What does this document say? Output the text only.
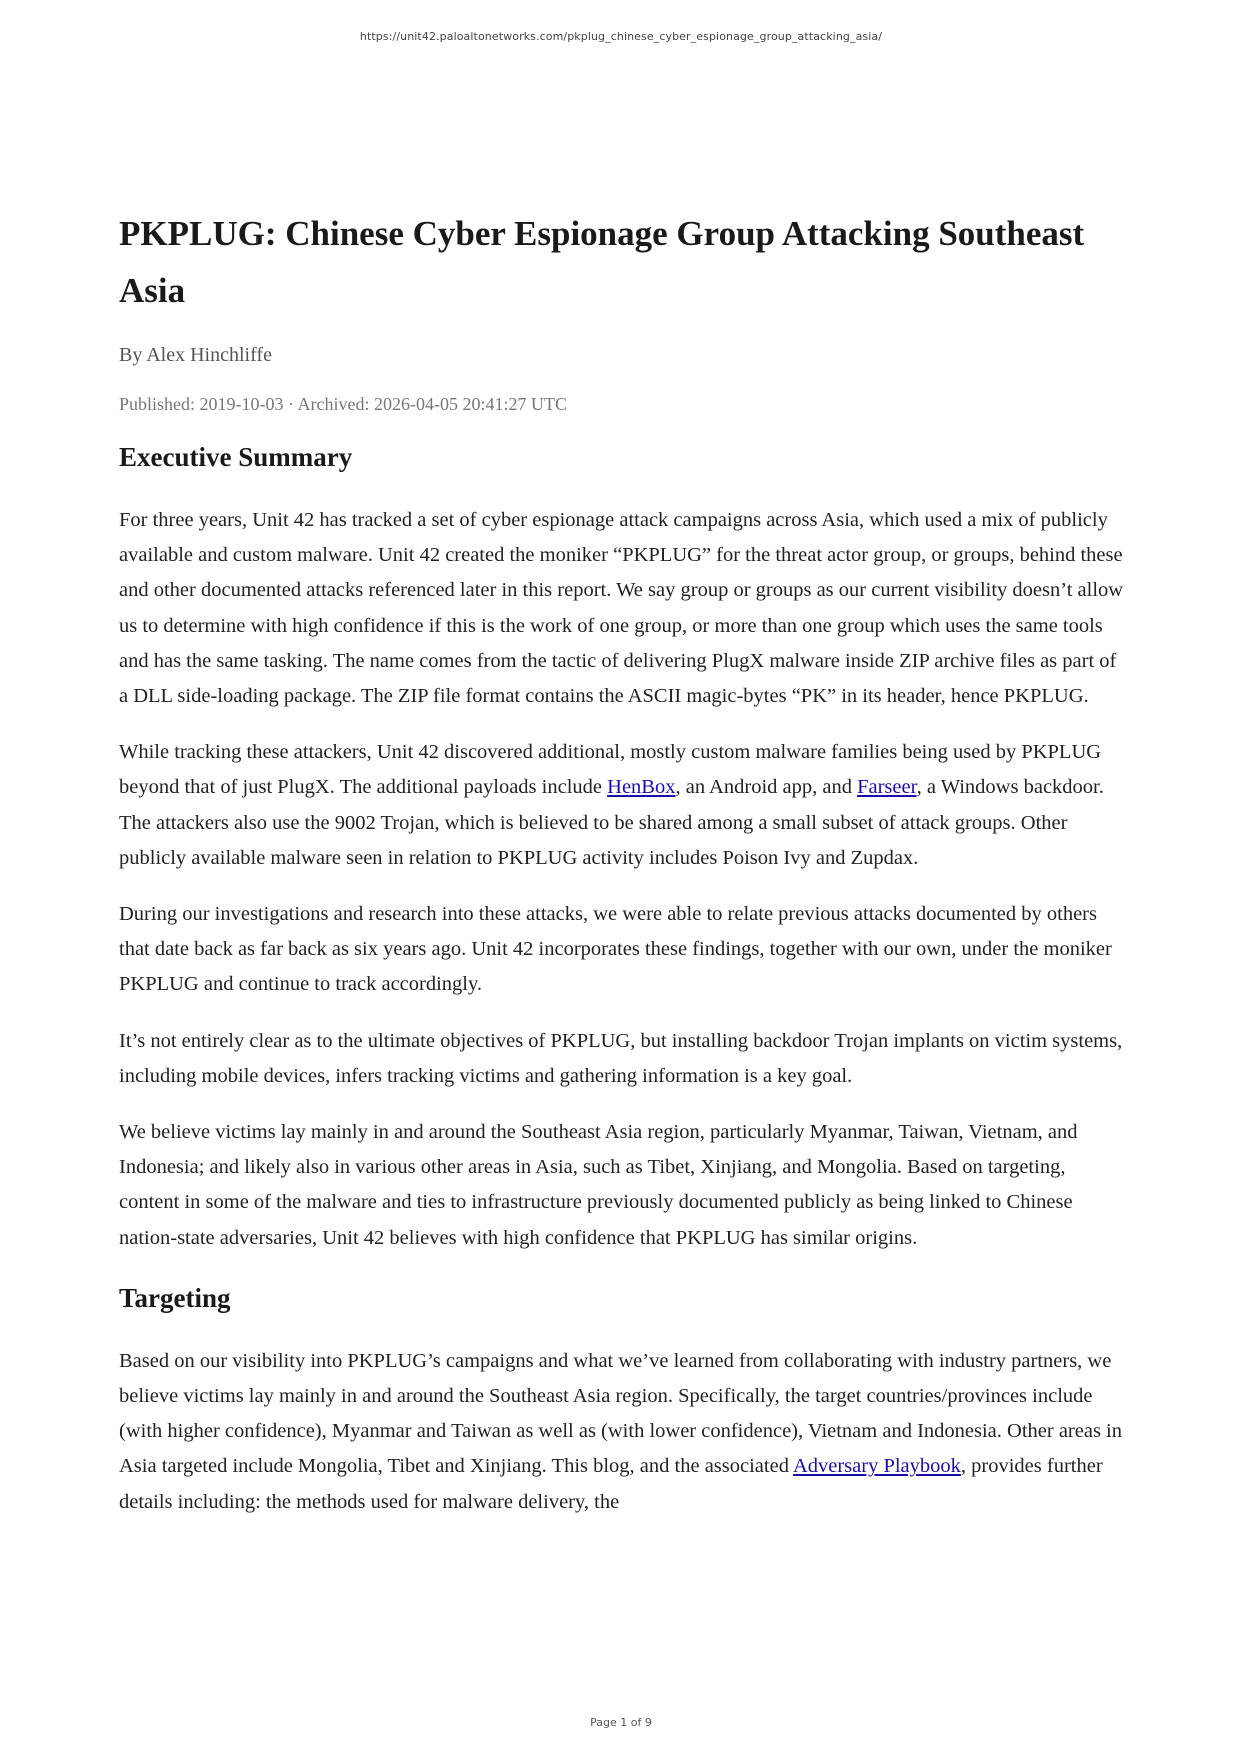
https://unit42.paloaltonetworks.com/pkplug_chinese_cyber_espionage_group_attacking_asia/
PKPLUG: Chinese Cyber Espionage Group Attacking Southeast Asia
By Alex Hinchliffe
Published: 2019-10-03 · Archived: 2026-04-05 20:41:27 UTC
Executive Summary

For three years, Unit 42 has tracked a set of cyber espionage attack campaigns across Asia, which used a mix of publicly available and custom malware. Unit 42 created the moniker “PKPLUG” for the threat actor group, or groups, behind these and other documented attacks referenced later in this report. We say group or groups as our current visibility doesn’t allow us to determine with high confidence if this is the work of one group, or more than one group which uses the same tools and has the same tasking. The name comes from the tactic of delivering PlugX malware inside ZIP archive files as part of a DLL side-loading package. The ZIP file format contains the ASCII magic-bytes “PK” in its header, hence PKPLUG.

While tracking these attackers, Unit 42 discovered additional, mostly custom malware families being used by PKPLUG beyond that of just PlugX. The additional payloads include HenBox, an Android app, and Farseer, a Windows backdoor. The attackers also use the 9002 Trojan, which is believed to be shared among a small subset of attack groups. Other publicly available malware seen in relation to PKPLUG activity includes Poison Ivy and Zupdax.

During our investigations and research into these attacks, we were able to relate previous attacks documented by others that date back as far back as six years ago. Unit 42 incorporates these findings, together with our own, under the moniker PKPLUG and continue to track accordingly.

It’s not entirely clear as to the ultimate objectives of PKPLUG, but installing backdoor Trojan implants on victim systems, including mobile devices, infers tracking victims and gathering information is a key goal.

We believe victims lay mainly in and around the Southeast Asia region, particularly Myanmar, Taiwan, Vietnam, and Indonesia; and likely also in various other areas in Asia, such as Tibet, Xinjiang, and Mongolia. Based on targeting, content in some of the malware and ties to infrastructure previously documented publicly as being linked to Chinese nation-state adversaries, Unit 42 believes with high confidence that PKPLUG has similar origins.

Targeting

Based on our visibility into PKPLUG’s campaigns and what we’ve learned from collaborating with industry partners, we believe victims lay mainly in and around the Southeast Asia region. Specifically, the target countries/provinces include (with higher confidence), Myanmar and Taiwan as well as (with lower confidence), Vietnam and Indonesia. Other areas in Asia targeted include Mongolia, Tibet and Xinjiang. This blog, and the associated Adversary Playbook, provides further details including: the methods used for malware delivery, the

Page 1 of 9
